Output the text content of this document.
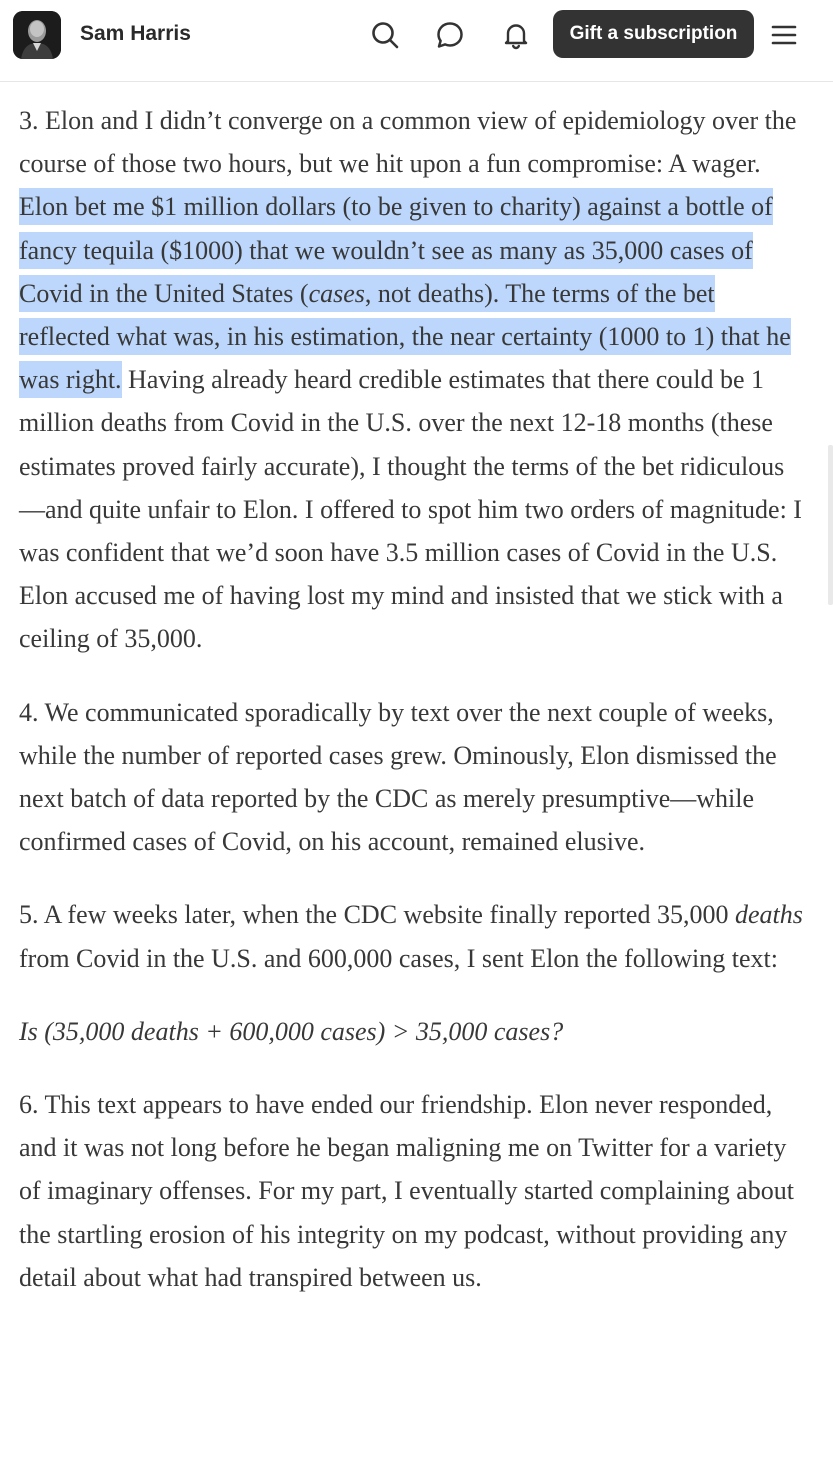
Sam Harris	Gift a subscription

3. Elon and I didn’t converge on a common view of epidemiology over the course of those two hours, but we hit upon a fun compromise: A wager. Elon bet me $1 million dollars (to be given to charity) against a bottle of fancy tequila ($1000) that we wouldn’t see as many as 35,000 cases of Covid in the United States (cases, not deaths). The terms of the bet reflected what was, in his estimation, the near certainty (1000 to 1) that he was right. Having already heard credible estimates that there could be 1 million deaths from Covid in the U.S. over the next 12-18 months (these estimates proved fairly accurate), I thought the terms of the bet ridiculous—and quite unfair to Elon. I offered to spot him two orders of magnitude: I was confident that we’d soon have 3.5 million cases of Covid in the U.S. Elon accused me of having lost my mind and insisted that we stick with a ceiling of 35,000.

4. We communicated sporadically by text over the next couple of weeks, while the number of reported cases grew. Ominously, Elon dismissed the next batch of data reported by the CDC as merely presumptive—while confirmed cases of Covid, on his account, remained elusive.

5. A few weeks later, when the CDC website finally reported 35,000 deaths from Covid in the U.S. and 600,000 cases, I sent Elon the following text:

Is (35,000 deaths + 600,000 cases) > 35,000 cases?

6. This text appears to have ended our friendship. Elon never responded, and it was not long before he began maligning me on Twitter for a variety of imaginary offenses. For my part, I eventually started complaining about the startling erosion of his integrity on my podcast, without providing any detail about what had transpired between us.
